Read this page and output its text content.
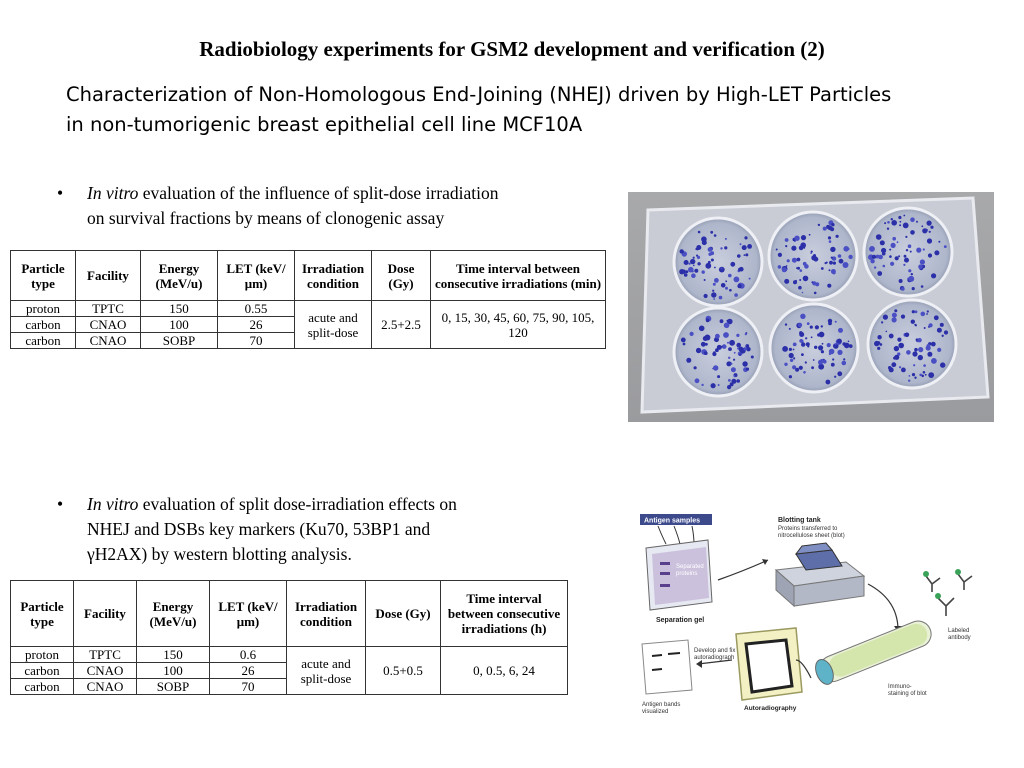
Radiobiology experiments for GSM2 development and verification (2)
Characterization of Non-Homologous End-Joining (NHEJ) driven by High-LET Particles
in non-tumorigenic breast epithelial cell line MCF10A
• In vitro evaluation of the influence of split-dose irradiation
on survival fractions by means of clonogenic assay
Particle type	Facility	Energy (MeV/u)	LET (keV/μm)	Irradiation condition	Dose (Gy)	Time interval between consecutive irradiations (min)
proton	TPTC	150	0.55	acute and split-dose	2.5+2.5	0, 15, 30, 45, 60, 75, 90, 105, 120
carbon	CNAO	100	26			
carbon	CNAO	SOBP	70			
• In vitro evaluation of split dose-irradiation effects on
NHEJ and DSBs key markers (Ku70, 53BP1 and
γH2AX) by western blotting analysis.
Particle type	Facility	Energy (MeV/u)	LET (keV/μm)	Irradiation condition	Dose (Gy)	Time interval between consecutive irradiations (h)
proton	TPTC	150	0.6	acute and split-dose	0.5+0.5	0, 0.5, 6, 24
carbon	CNAO	100	26			
carbon	CNAO	SOBP	70			
Antigen samples
Separated
proteins
Separation gel
Blotting tank
Proteins transferred to
nitrocellulose sheet (blot)
Labeled
antibody
Immuno-
staining of blot
Autoradiography
Develop and fix
autoradiograph
Antigen bands
visualized
